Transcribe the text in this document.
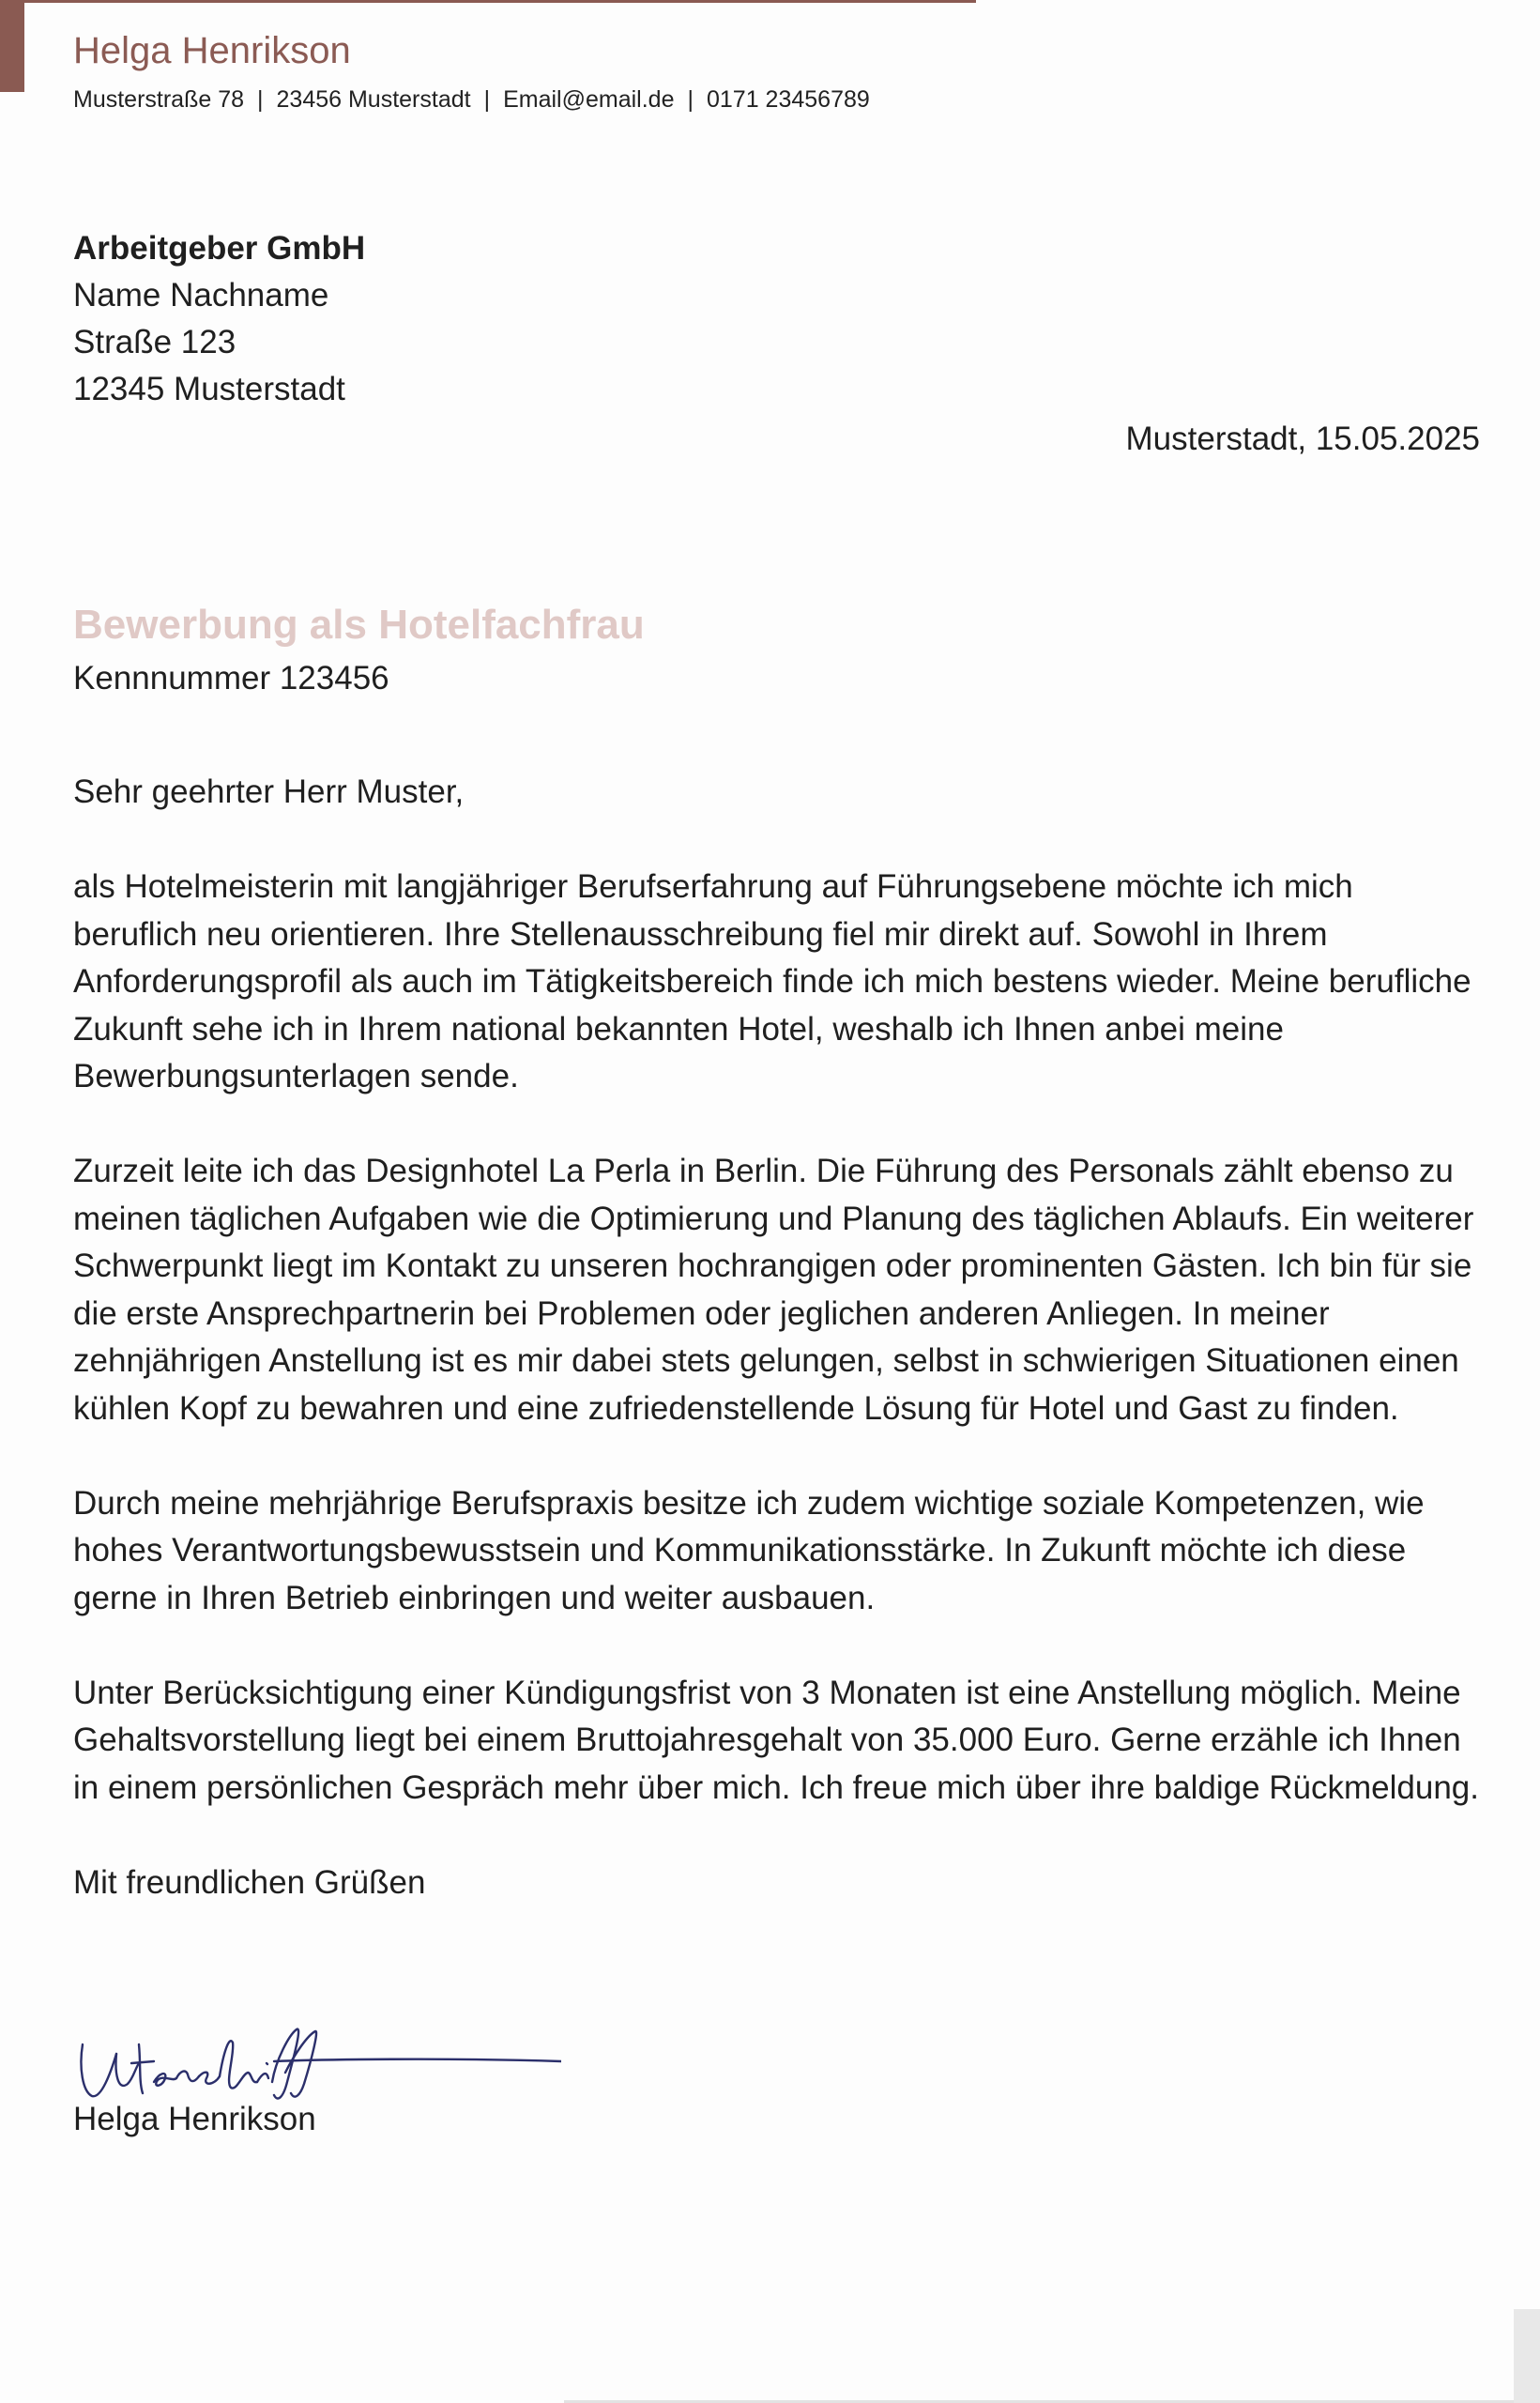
Helga Henrikson
Musterstraße 78 | 23456 Musterstadt | Email@email.de | 0171 23456789
Arbeitgeber GmbH
Name Nachname
Straße 123
12345 Musterstadt
Musterstadt, 15.05.2025
Bewerbung als Hotelfachfrau
Kennnummer 123456

Sehr geehrter Herr Muster,

als Hotelmeisterin mit langjähriger Berufserfahrung auf Führungsebene möchte ich mich beruflich neu orientieren. Ihre Stellenausschreibung fiel mir direkt auf. Sowohl in Ihrem Anforderungsprofil als auch im Tätigkeitsbereich finde ich mich bestens wieder. Meine berufliche Zukunft sehe ich in Ihrem national bekannten Hotel, weshalb ich Ihnen anbei meine Bewerbungsunterlagen sende.

Zurzeit leite ich das Designhotel La Perla in Berlin. Die Führung des Personals zählt ebenso zu meinen täglichen Aufgaben wie die Optimierung und Planung des täglichen Ablaufs. Ein weiterer Schwerpunkt liegt im Kontakt zu unseren hochrangigen oder prominenten Gästen. Ich bin für sie die erste Ansprechpartnerin bei Problemen oder jeglichen anderen Anliegen. In meiner zehnjährigen Anstellung ist es mir dabei stets gelungen, selbst in schwierigen Situationen einen kühlen Kopf zu bewahren und eine zufriedenstellende Lösung für Hotel und Gast zu finden.

Durch meine mehrjährige Berufspraxis besitze ich zudem wichtige soziale Kompetenzen, wie hohes Verantwortungsbewusstsein und Kommunikationsstärke. In Zukunft möchte ich diese gerne in Ihren Betrieb einbringen und weiter ausbauen.

Unter Berücksichtigung einer Kündigungsfrist von 3 Monaten ist eine Anstellung möglich. Meine Gehaltsvorstellung liegt bei einem Bruttojahresgehalt von 35.000 Euro. Gerne erzähle ich Ihnen in einem persönlichen Gespräch mehr über mich. Ich freue mich über ihre baldige Rückmeldung.

Mit freundlichen Grüßen

Helga Henrikson
